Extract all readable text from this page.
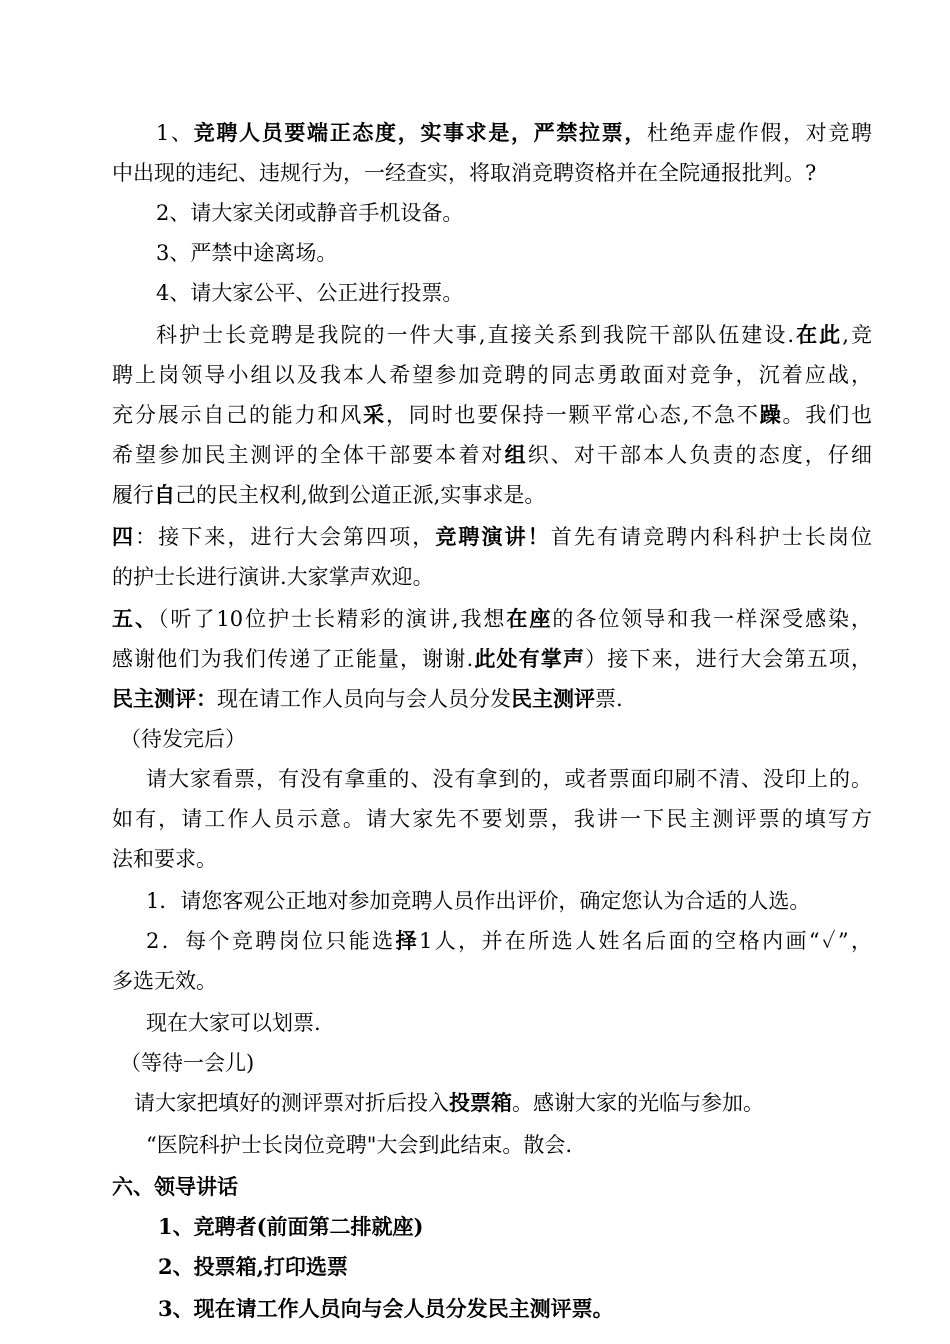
1、竞聘人员要端正态度，实事求是，严禁拉票，杜绝弄虚作假，对竞聘
中出现的违纪、违规行为，一经查实，将取消竞聘资格并在全院通报批判。?
2、请大家关闭或静音手机设备。
3、严禁中途离场。
4、请大家公平、公正进行投票。
科护士长竞聘是我院的一件大事,直接关系到我院干部队伍建设.在此,竞
聘上岗领导小组以及我本人希望参加竞聘的同志勇敢面对竞争，沉着应战，
充分展示自己的能力和风采，同时也要保持一颗平常心态,不急不躁。我们也
希望参加民主测评的全体干部要本着对组织、对干部本人负责的态度，仔细
履行自己的民主权利,做到公道正派,实事求是。
四：接下来，进行大会第四项，竞聘演讲！首先有请竞聘内科科护士长岗位
的护士长进行演讲.大家掌声欢迎。
五、（听了10位护士长精彩的演讲,我想在座的各位领导和我一样深受感染，
感谢他们为我们传递了正能量，谢谢.此处有掌声）接下来，进行大会第五项，
民主测评：现在请工作人员向与会人员分发民主测评票.
（待发完后）
请大家看票，有没有拿重的、没有拿到的，或者票面印刷不清、没印上的。
如有，请工作人员示意。请大家先不要划票，我讲一下民主测评票的填写方
法和要求。
1．请您客观公正地对参加竞聘人员作出评价，确定您认为合适的人选。
2．每个竞聘岗位只能选择1人，并在所选人姓名后面的空格内画“✓”，
多选无效。
现在大家可以划票.
（等待一会儿)
请大家把填好的测评票对折后投入投票箱。感谢大家的光临与参加。
“医院科护士长岗位竞聘"大会到此结束。散会.
六、领导讲话
1、竞聘者(前面第二排就座)
2、投票箱,打印选票
3、现在请工作人员向与会人员分发民主测评票。
